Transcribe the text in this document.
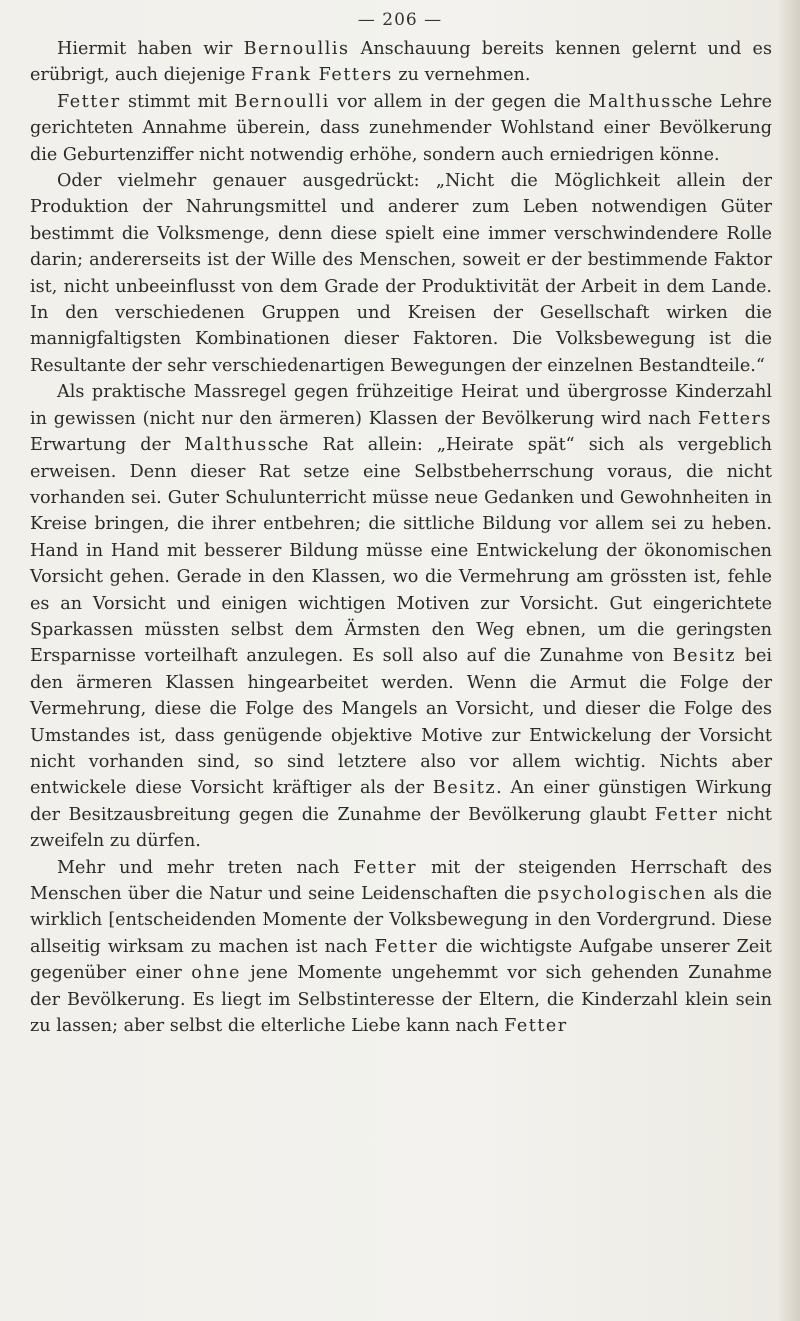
— 206 —

Hiermit haben wir Bernoullis Anschauung bereits kennen gelernt und es erübrigt, auch diejenige Frank Fetters zu vernehmen.

Fetter stimmt mit Bernoulli vor allem in der gegen die Malthussche Lehre gerichteten Annahme überein, dass zunehmender Wohlstand einer Bevölkerung die Geburtenziffer nicht notwendig erhöhe, sondern auch erniedrigen könne.

Oder vielmehr genauer ausgedrückt: „Nicht die Möglichkeit allein der Produktion der Nahrungsmittel und anderer zum Leben notwendigen Güter bestimmt die Volksmenge, denn diese spielt eine immer verschwindendere Rolle darin; andererseits ist der Wille des Menschen, soweit er der bestimmende Faktor ist, nicht unbeeinflusst von dem Grade der Produktivität der Arbeit in dem Lande. In den verschiedenen Gruppen und Kreisen der Gesellschaft wirken die mannigfaltigsten Kombinationen dieser Faktoren. Die Volksbewegung ist die Resultante der sehr verschiedenartigen Bewegungen der einzelnen Bestandteile.“

Als praktische Massregel gegen frühzeitige Heirat und übergrosse Kinderzahl in gewissen (nicht nur den ärmeren) Klassen der Bevölkerung wird nach Fetters Erwartung der Malthussche Rat allein: „Heirate spät“ sich als vergeblich erweisen. Denn dieser Rat setze eine Selbstbeherrschung voraus, die nicht vorhanden sei. Guter Schulunterricht müsse neue Gedanken und Gewohnheiten in Kreise bringen, die ihrer entbehren; die sittliche Bildung vor allem sei zu heben. Hand in Hand mit besserer Bildung müsse eine Entwickelung der ökonomischen Vorsicht gehen. Gerade in den Klassen, wo die Vermehrung am grössten ist, fehle es an Vorsicht und einigen wichtigen Motiven zur Vorsicht. Gut eingerichtete Sparkassen müssten selbst dem Ärmsten den Weg ebnen, um die geringsten Ersparnisse vorteilhaft anzulegen. Es soll also auf die Zunahme von Besitz bei den ärmeren Klassen hingearbeitet werden. Wenn die Armut die Folge der Vermehrung, diese die Folge des Mangels an Vorsicht, und dieser die Folge des Umstandes ist, dass genügende objektive Motive zur Entwickelung der Vorsicht nicht vorhanden sind, so sind letztere also vor allem wichtig. Nichts aber entwickele diese Vorsicht kräftiger als der Besitz. An einer günstigen Wirkung der Besitzausbreitung gegen die Zunahme der Bevölkerung glaubt Fetter nicht zweifeln zu dürfen.

Mehr und mehr treten nach Fetter mit der steigenden Herrschaft des Menschen über die Natur und seine Leidenschaften die psychologischen als die wirklich [entscheidenden Momente der Volksbewegung in den Vordergrund. Diese allseitig wirksam zu machen ist nach Fetter die wichtigste Aufgabe unserer Zeit gegenüber einer ohne jene Momente ungehemmt vor sich gehenden Zunahme der Bevölkerung. Es liegt im Selbstinteresse der Eltern, die Kinderzahl klein sein zu lassen; aber selbst die elterliche Liebe kann nach Fetter
